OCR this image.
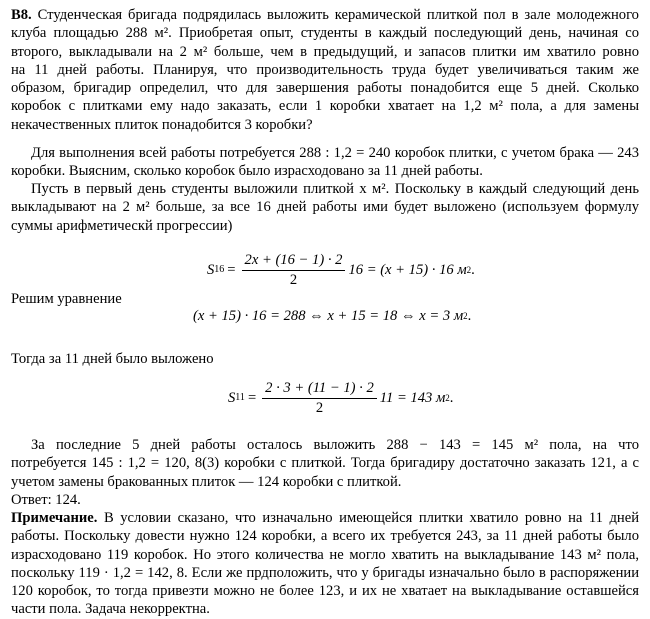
B8. Студенческая бригада подрядилась выложить керамической плиткой пол в зале молодежного
клуба площадью 288 м². Приобретая опыт, студенты в каждый последующий день, начиная со
второго, выкладывали на 2 м² больше, чем в предыдущий, и запасов плитки им хватило ровно
на 11 дней работы. Планируя, что производительность труда будет увеличиваться таким же
образом, бригадир определил, что для завершения работы понадобится еще 5 дней. Сколько
коробок с плитками ему надо заказать, если 1 коробки хватает на 1,2 м² пола, а для замены
некачественных плиток понадобится 3 коробки?
Для выполнения всей работы потребуется 288 : 1,2 = 240 коробок плитки, с учетом брака — 243
коробки. Выясним, сколько коробок было израсходовано за 11 дней работы.
Пусть в первый день студенты выложили плиткой x м². Поскольку в каждый следующий день
выкладывают на 2 м² больше, за все 16 дней работы ими будет выложено (используем формулу
суммы арифметическй прогрессии)
S $16 = \frac{2x + (16 - 1) \cdot 2}{2} 16 = (x + 15) \cdot 16$ м 2 .
Решим уравнение
(x + 15) · 16 = 288 ⇔ x + 15 = 18 ⇔ x = 3 м 2 .
Тогда за 11 дней было выложено
S $11 = \frac{2 \cdot 3 + (11 - 1) \cdot 2}{2} 11 = 143$ м 2 .
За последние 5 дней работы осталось выложить 288 − 143 = 145 м² пола, на что
потребуется 145 : 1,2 = 120, 8(3) коробки с плиткой. Тогда бригадиру достаточно заказать 121, а с
учетом замены бракованных плиток — 124 коробки с плиткой.
Ответ: 124.
Примечание. В условии сказано, что изначально имеющейся плитки хватило ровно на 11 дней
работы. Поскольку довести нужно 124 коробки, а всего их требуется 243, за 11 дней работы было
израсходовано 119 коробок. Но этого количества не могло хватить на выкладывание 143 м² пола,
поскольку 119 · 1,2 = 142, 8. Если же прдположить, что у бригады изначально было в распоряжении
120 коробок, то тогда привезти можно не более 123, и их не хватает на выкладывание оставшейся
части пола. Задача некорректна.
